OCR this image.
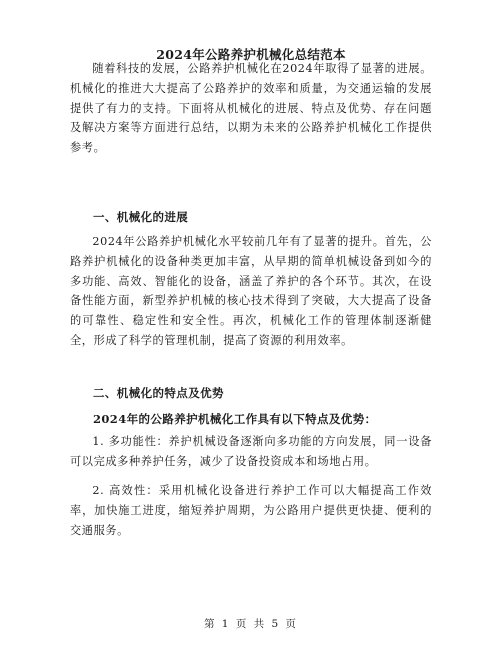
2024年公路养护机械化总结范本

随着科技的发展，公路养护机械化在2024年取得了显著的进展。机械化的推进大大提高了公路养护的效率和质量，为交通运输的发展提供了有力的支持。下面将从机械化的进展、特点及优势、存在问题及解决方案等方面进行总结，以期为未来的公路养护机械化工作提供参考。

一、机械化的进展

2024年公路养护机械化水平较前几年有了显著的提升。首先，公路养护机械化的设备种类更加丰富，从早期的简单机械设备到如今的多功能、高效、智能化的设备，涵盖了养护的各个环节。其次，在设备性能方面，新型养护机械的核心技术得到了突破，大大提高了设备的可靠性、稳定性和安全性。再次，机械化工作的管理体制逐渐健全，形成了科学的管理机制，提高了资源的利用效率。

二、机械化的特点及优势
2024年的公路养护机械化工作具有以下特点及优势：

1. 多功能性：养护机械设备逐渐向多功能的方向发展，同一设备可以完成多种养护任务，减少了设备投资成本和场地占用。

2. 高效性：采用机械化设备进行养护工作可以大幅提高工作效率，加快施工进度，缩短养护周期，为公路用户提供更快捷、便利的交通服务。

第 1 页 共 5 页
